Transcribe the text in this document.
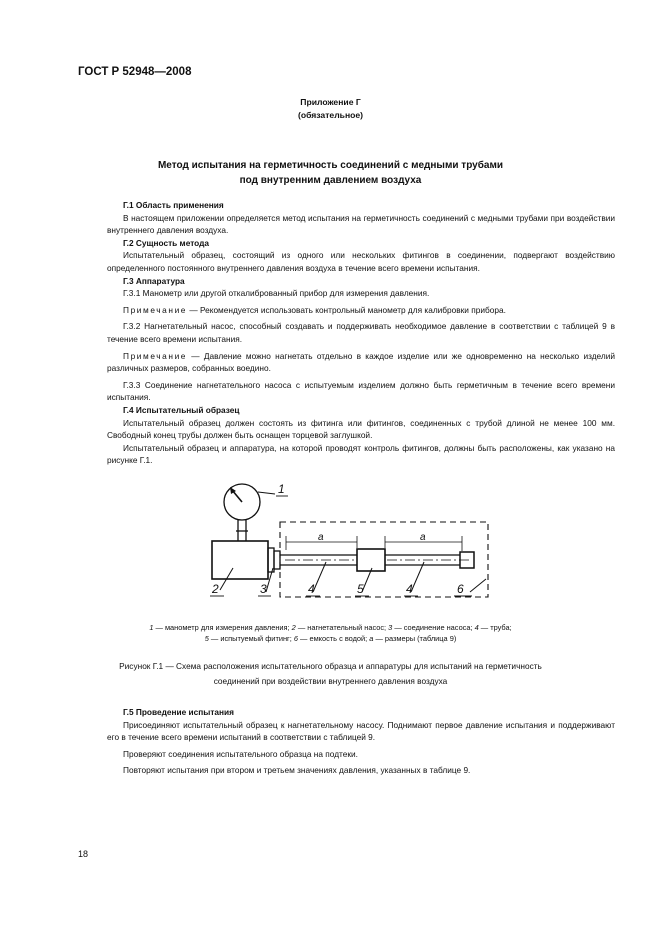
ГОСТ Р 52948—2008
Приложение Г
(обязательное)
Метод испытания на герметичность соединений с медными трубами
под внутренним давлением воздуха

Г.1 Область применения

В настоящем приложении определяется метод испытания на герметичность соединений с медными трубами при воздействии внутреннего давления воздуха.

Г.2 Сущность метода

Испытательный образец, состоящий из одного или нескольких фитингов в соединении, подвергают воздействию определенного постоянного внутреннего давления воздуха в течение всего времени испытания.

Г.3 Аппаратура

Г.3.1 Манометр или другой откалиброванный прибор для измерения давления.

Примечание — Рекомендуется использовать контрольный манометр для калибровки прибора.

Г.3.2 Нагнетательный насос, способный создавать и поддерживать необходимое давление в соответствии с таблицей 9 в течение всего времени испытания.

Примечание — Давление можно нагнетать отдельно в каждое изделие или же одновременно на несколько изделий различных размеров, собранных воедино.

Г.3.3 Соединение нагнетательного насоса с испытуемым изделием должно быть герметичным в течение всего времени испытания.

Г.4 Испытательный образец

Испытательный образец должен состоять из фитинга или фитингов, соединенных с трубой длиной не менее 100 мм. Свободный конец трубы должен быть оснащен торцевой заглушкой.

Испытательный образец и аппаратура, на которой проводят контроль фитингов, должны быть расположены, как указано на рисунке Г.1.

1
2	3	4	5	4	6
a	a
1 — манометр для измерения давления; 2 — нагнетательный насос; 3 — соединение насоса; 4 — труба;
5 — испытуемый фитинг; 6 — емкость с водой; a — размеры (таблица 9)
Рисунок Г.1 — Схема расположения испытательного образца и аппаратуры для испытаний на герметичность
соединений при воздействии внутреннего давления воздуха

Г.5 Проведение испытания

Присоединяют испытательный образец к нагнетательному насосу. Поднимают первое давление испытания и поддерживают его в течение всего времени испытаний в соответствии с таблицей 9.

Проверяют соединения испытательного образца на подтеки.

Повторяют испытания при втором и третьем значениях давления, указанных в таблице 9.

18
